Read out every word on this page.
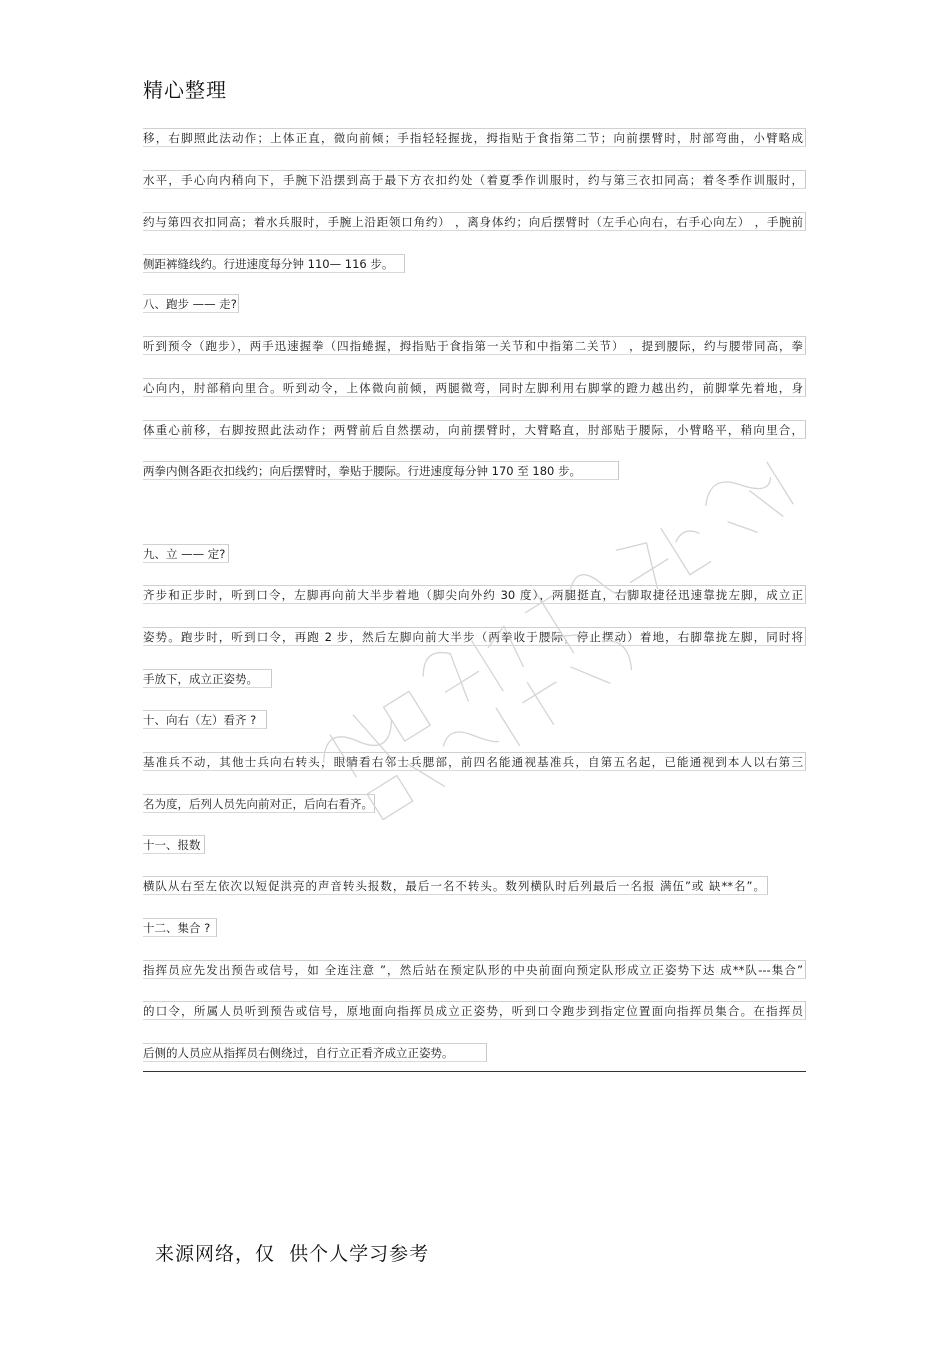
精心整理
移，右脚照此法动作；上体正直，微向前倾；手指轻轻握拢，拇指贴于食指第二节；向前摆臂时，肘部弯曲，小臂略成
水平，手心向内稍向下，手腕下沿摆到高于最下方衣扣约处（着夏季作训服时，约与第三衣扣同高；着冬季作训服时，
约与第四衣扣同高；着水兵服时，手腕上沿距领口角约） ，离身体约；向后摆臂时（左手心向右，右手心向左） ，手腕前
侧距裤缝线约。行进速度每分钟 110— 116 步。
八、跑步 —— 走?
听到预令（跑步），两手迅速握拳（四指蜷握，拇指贴于食指第一关节和中指第二关节） ，提到腰际，约与腰带同高，拳
心向内，肘部稍向里合。听到动令，上体微向前倾，两腿微弯，同时左脚利用右脚掌的蹬力越出约，前脚掌先着地，身
体重心前移，右脚按照此法动作；两臂前后自然摆动，向前摆臂时，大臂略直，肘部贴于腰际，小臂略平，稍向里合，
两拳内侧各距衣扣线约；向后摆臂时，拳贴于腰际。行进速度每分钟 170 至 180 步。
九、立 —— 定?
齐步和正步时，听到口令，左脚再向前大半步着地（脚尖向外约 30 度），两腿挺直，右脚取捷径迅速靠拢左脚，成立正
姿势。跑步时，听到口令，再跑 2 步，然后左脚向前大半步（两拳收于腰际，停止摆动）着地，右脚靠拢左脚，同时将
手放下，成立正姿势。
十、向右（左）看齐 ?
基准兵不动，其他士兵向右转头，眼睛看右邻士兵腮部，前四名能通视基准兵，自第五名起，已能通视到本人以右第三
名为度，后列人员先向前对正，后向右看齐。
十一、报数
横队从右至左依次以短促洪亮的声音转头报数，最后一名不转头。数列横队时后列最后一名报 满伍”或 缺**名”。
十二、集合 ?
指挥员应先发出预告或信号，如 全连注意 ”，然后站在预定队形的中央前面向预定队形成立正姿势下达 成**队---集合”
的口令，所属人员听到预告或信号，原地面向指挥员成立正姿势，听到口令跑步到指定位置面向指挥员集合。在指挥员
后侧的人员应从指挥员右侧绕过，自行立正看齐成立正姿势。
来源网络，仅  供个人学习参考
